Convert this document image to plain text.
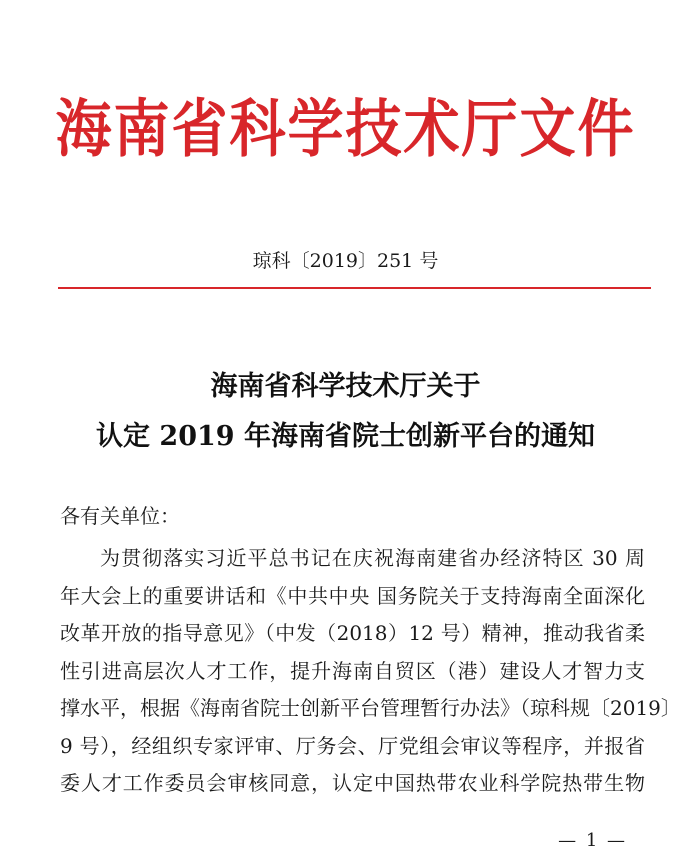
海南省科学技术厅文件
琼科〔2019〕251 号
海南省科学技术厅关于
认定 2019 年海南省院士创新平台的通知
各有关单位：
为贯彻落实习近平总书记在庆祝海南建省办经济特区 30 周
年大会上的重要讲话和《中共中央 国务院关于支持海南全面深化
改革开放的指导意见》（中发（2018）12 号）精神，推动我省柔
性引进高层次人才工作，提升海南自贸区（港）建设人才智力支
撑水平，根据《海南省院士创新平台管理暂行办法》（琼科规〔2019〕
9 号），经组织专家评审、厅务会、厅党组会审议等程序，并报省
委人才工作委员会审核同意，认定中国热带农业科学院热带生物
— 1 —
